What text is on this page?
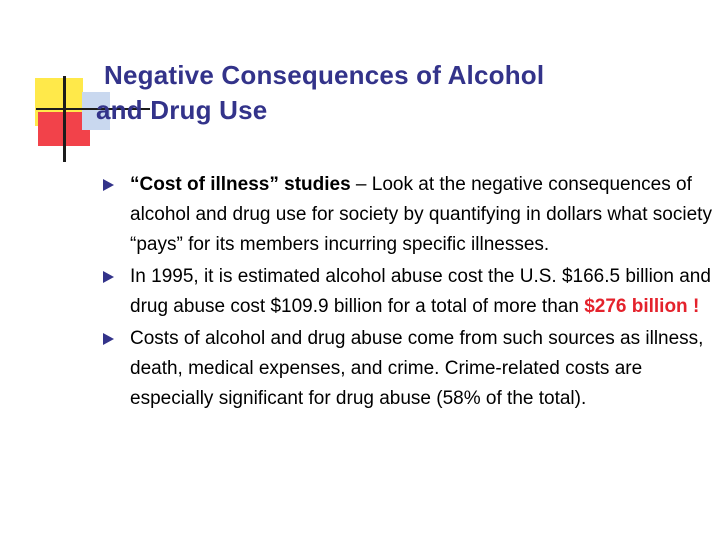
Negative Consequences of Alcohol
and Drug Use
“Cost of illness” studies – Look at the negative consequences of alcohol and drug use for society by quantifying in dollars what society “pays” for its members incurring specific illnesses.
In 1995, it is estimated alcohol abuse cost the U.S. $166.5 billion and drug abuse cost $109.9 billion for a total of more than $276 billion !
Costs of alcohol and drug abuse come from such sources as illness, death, medical expenses, and crime. Crime-related costs are especially significant for drug abuse (58% of the total).
